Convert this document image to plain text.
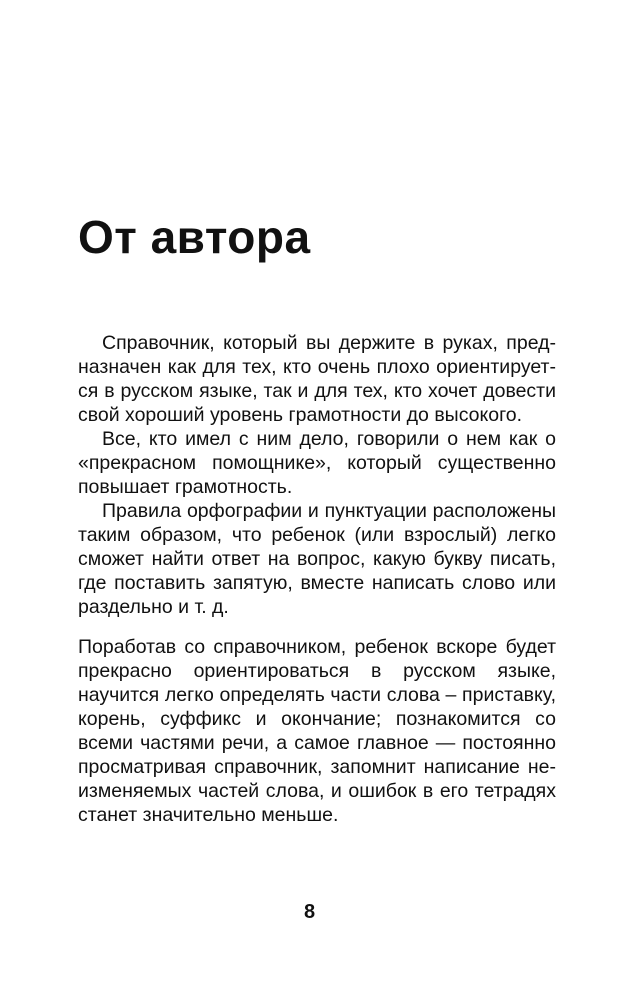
От автора

Справочник, который вы держите в руках, предназначен как для тех, кто очень плохо ориентируется в русском языке, так и для тех, кто хочет довести свой хороший уровень грамотности до высокого.

Все, кто имел с ним дело, говорили о нем как о «прекрасном помощнике», который существенно повышает грамотность.

Правила орфографии и пунктуации расположены таким образом, что ребенок (или взрослый) легко сможет найти ответ на вопрос, какую букву писать, где поставить запятую, вместе написать слово или раздельно и т. д.

Поработав со справочником, ребенок вскоре будет прекрасно ориентироваться в русском языке, научится легко определять части слова – приставку, корень, суффикс и окончание; познакомится со всеми частями речи, а самое главное — постоянно просматривая справочник, запомнит написание неизменяемых частей слова, и ошибок в его тетрадях станет значительно меньше.

8
